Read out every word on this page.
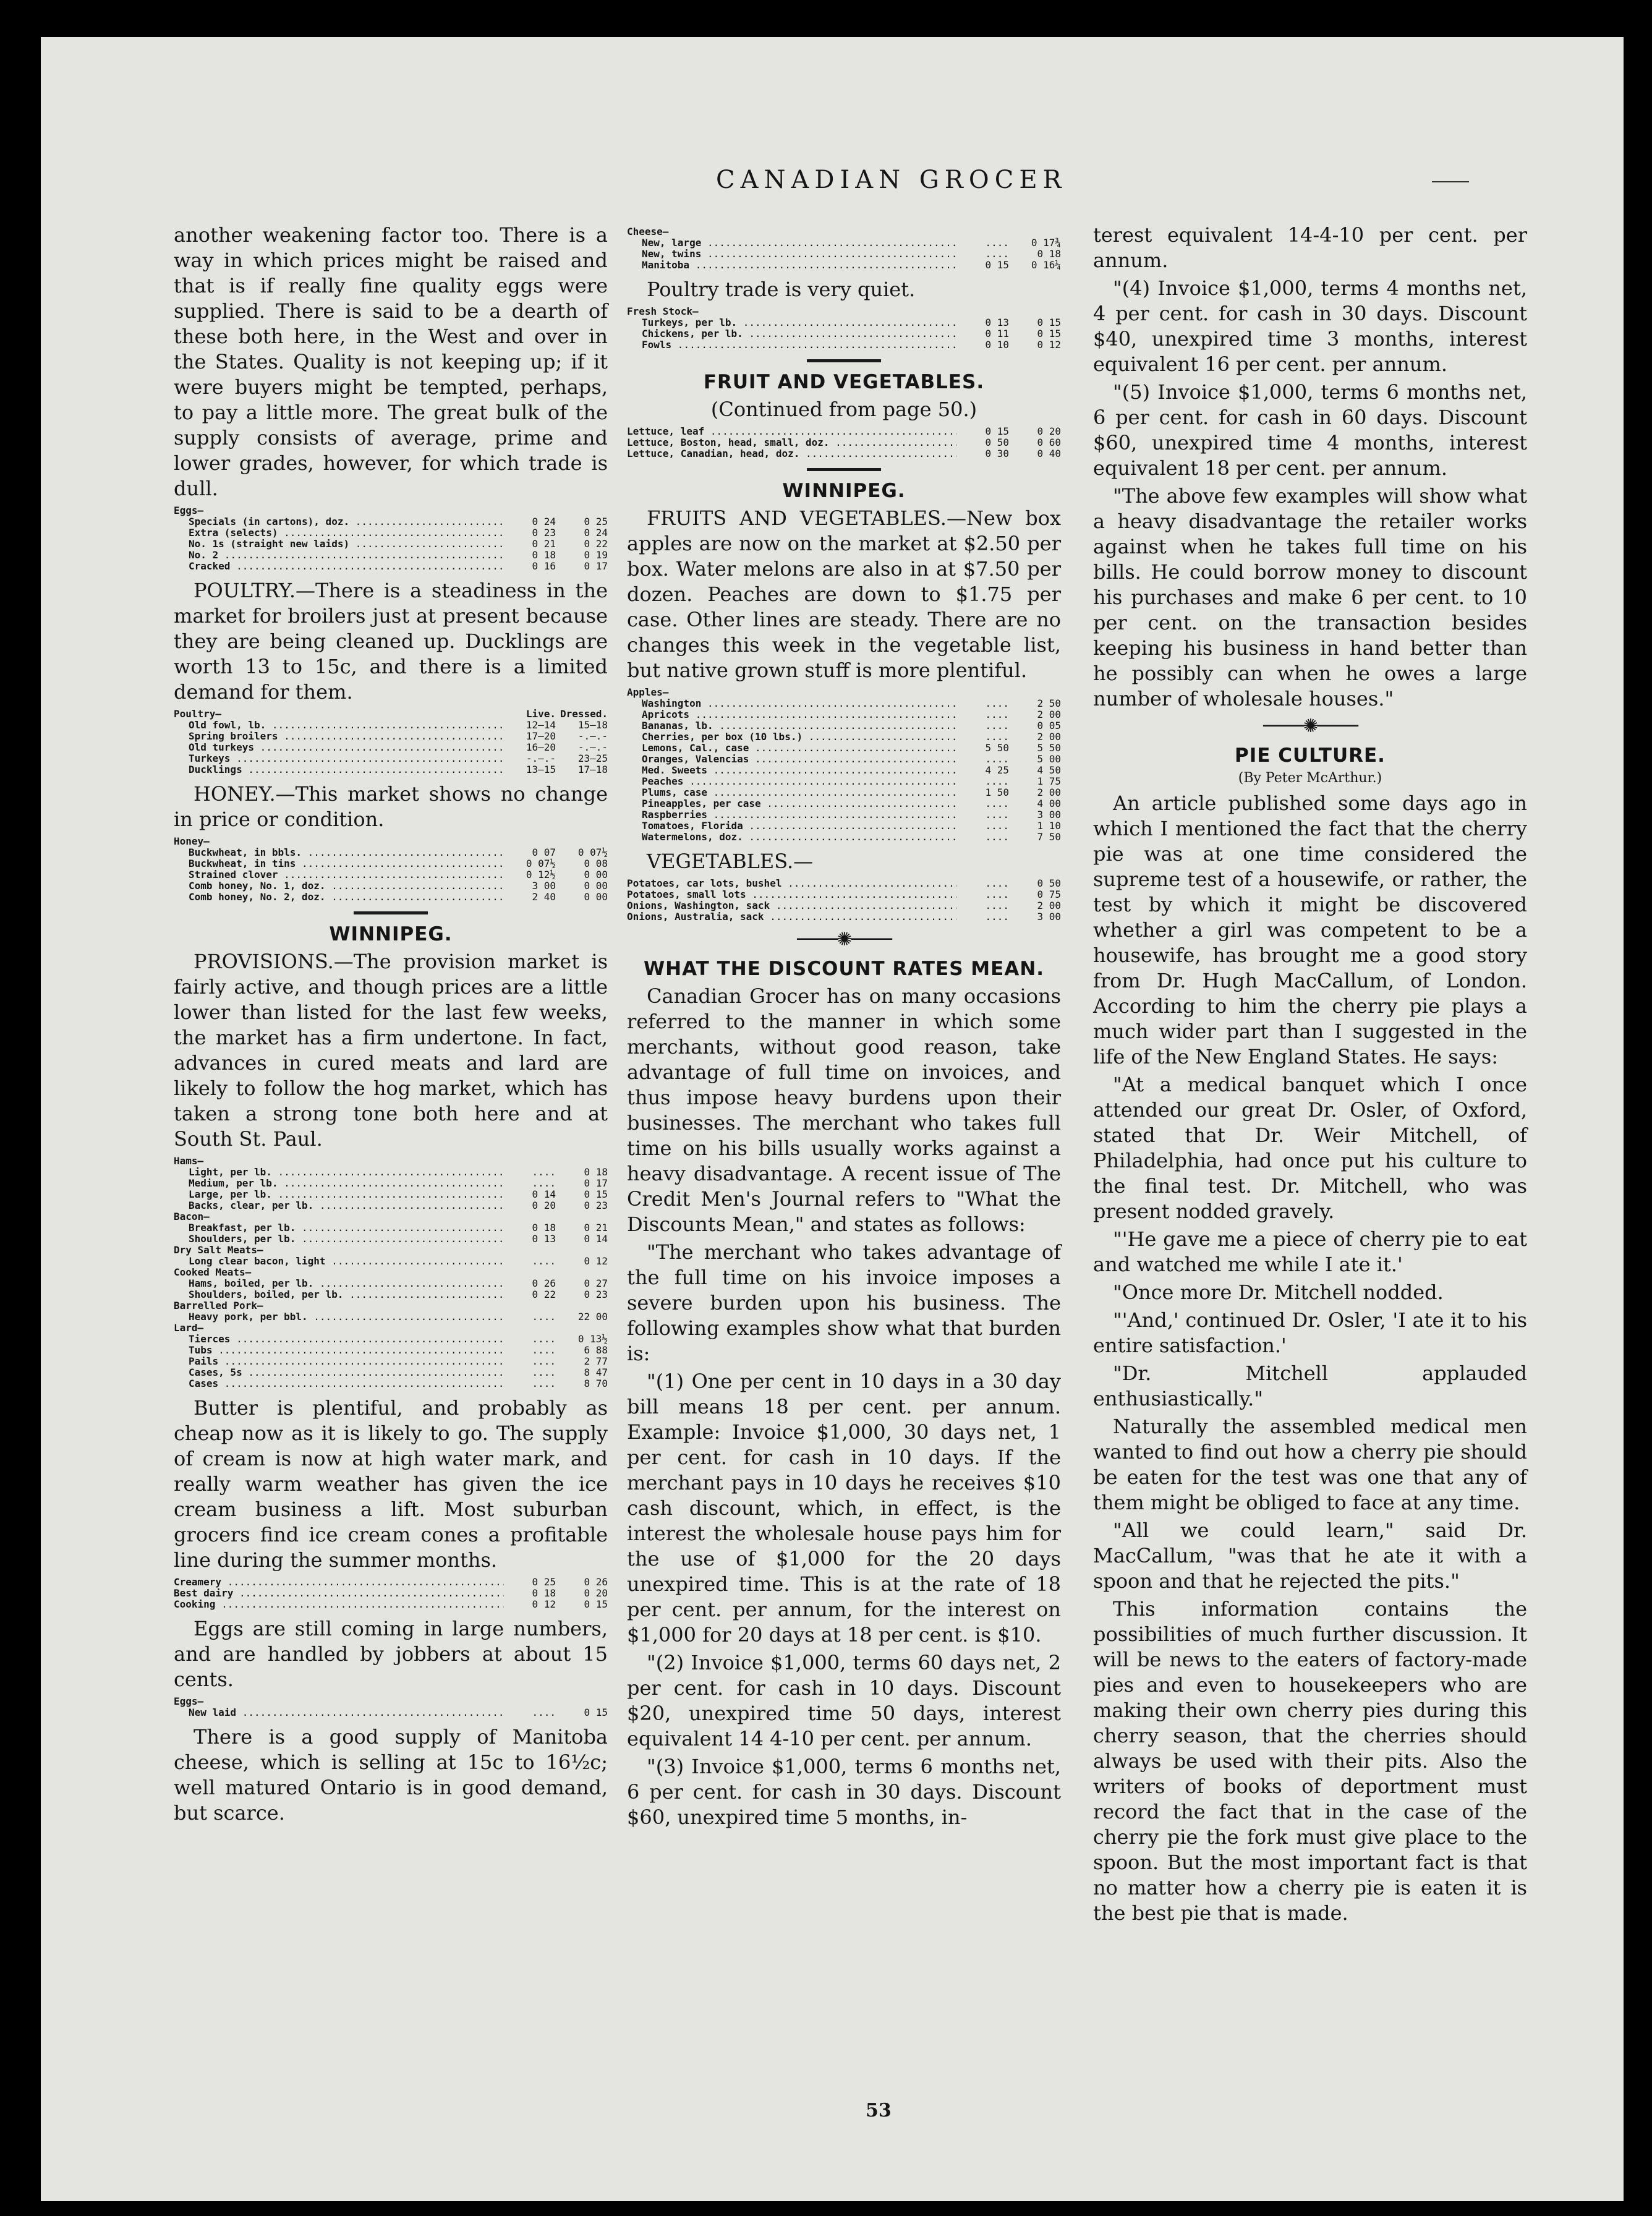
CANADIAN GROCER

another weakening factor too. There is a way in which prices might be raised and that is if really fine quality eggs were supplied. There is said to be a dearth of these both here, in the West and over in the States. Quality is not keeping up; if it were buyers might be tempted, perhaps, to pay a little more. The great bulk of the supply consists of average, prime and lower grades, however, for which trade is dull.

Eggs—
Specials (in cartons), doz. .....	0 24	0 25
Extra (selects) .....	0 23	0 24
No. 1s (straight new laids) .....	0 21	0 22
No. 2 .....	0 18	0 19
Cracked .....	0 16	0 17

POULTRY.—There is a steadiness in the market for broilers just at present because they are being cleaned up. Ducklings are worth 13 to 15c, and there is a limited demand for them.

Poultry—	Live. Dressed.
Old fowl, lb. .....	12—14	15—18
Spring broilers .....	17—20	-.—.-
Old turkeys .....	16—20	-.—.-
Turkeys .....	-.—.-	23—25
Ducklings .....	13—15	17—18

HONEY.—This market shows no change in price or condition.

Honey—
Buckwheat, in bbls. .....	0 07	0 07½
Buckwheat, in tins .....	0 07½	0 08
Strained clover .....	0 12½	0 00
Comb honey, No. 1, doz. .....	3 00	0 00
Comb honey, No. 2, doz. .....	2 40	0 00
WINNIPEG.

PROVISIONS.—The provision market is fairly active, and though prices are a little lower than listed for the last few weeks, the market has a firm undertone. In fact, advances in cured meats and lard are likely to follow the hog market, which has taken a strong tone both here and at South St. Paul.

Hams—
Light, per lb. .....	....	0 18
Medium, per lb. .....	....	0 17
Large, per lb. .....	0 14	0 15
Backs, clear, per lb. .....	0 20	0 23
Bacon—
Breakfast, per lb. .....	0 18	0 21
Shoulders, per lb. .....	0 13	0 14
Dry Salt Meats—
Long clear bacon, light .....	....	0 12
Cooked Meats—
Hams, boiled, per lb. .....	0 26	0 27
Shoulders, boiled, per lb. .....	0 22	0 23
Barrelled Pork—
Heavy pork, per bbl. .....	....	22 00
Lard—
Tierces .....	....	0 13½
Tubs .....	....	6 88
Pails .....	....	2 77
Cases, 5s .....	....	8 47
Cases .....	....	8 70

Butter is plentiful, and probably as cheap now as it is likely to go. The supply of cream is now at high water mark, and really warm weather has given the ice cream business a lift. Most suburban grocers find ice cream cones a profitable line during the summer months.

Creamery .....	0 25	0 26
Best dairy .....	0 18	0 20
Cooking .....	0 12	0 15

Eggs are still coming in large numbers, and are handled by jobbers at about 15 cents.

Eggs—
New laid .....	....	0 15

There is a good supply of Manitoba cheese, which is selling at 15c to 16½c; well matured Ontario is in good demand, but scarce.

Cheese—
New, large .....	....	0 17¾
New, twins .....	....	0 18
Manitoba .....	0 15	0 16¼

Poultry trade is very quiet.

Fresh Stock—
Turkeys, per lb. .....	0 13	0 15
Chickens, per lb. .....	0 11	0 15
Fowls .....	0 10	0 12
FRUIT AND VEGETABLES.

(Continued from page 50.)

Lettuce, leaf .....	0 15	0 20
Lettuce, Boston, head, small, doz. .....	0 50	0 60
Lettuce, Canadian, head, doz. .....	0 30	0 40
WINNIPEG.

FRUITS AND VEGETABLES.—New box apples are now on the market at $2.50 per box. Water melons are also in at $7.50 per dozen. Peaches are down to $1.75 per case. Other lines are steady. There are no changes this week in the vegetable list, but native grown stuff is more plentiful.

Apples—
Washington .....	....	2 50
Apricots .....	....	2 00
Bananas, lb. .....	....	0 05
Cherries, per box (10 lbs.) .....	....	2 00
Lemons, Cal., case .....	5 50	5 50
Oranges, Valencias .....	....	5 00
Med. Sweets .....	4 25	4 50
Peaches .....	....	1 75
Plums, case .....	1 50	2 00
Pineapples, per case .....	....	4 00
Raspberries .....	....	3 00
Tomatoes, Florida .....	....	1 10
Watermelons, doz. .....	....	7 50

VEGETABLES.—

Potatoes, car lots, bushel .....	....	0 50
Potatoes, small lots .....	....	0 75
Onions, Washington, sack .....	....	2 00
Onions, Australia, sack .....	....	3 00
────✺────
WHAT THE DISCOUNT RATES MEAN.

Canadian Grocer has on many occasions referred to the manner in which some merchants, without good reason, take advantage of full time on invoices, and thus impose heavy burdens upon their businesses. The merchant who takes full time on his bills usually works against a heavy disadvantage. A recent issue of The Credit Men's Journal refers to "What the Discounts Mean," and states as follows:

"The merchant who takes advantage of the full time on his invoice imposes a severe burden upon his business. The following examples show what that burden is:

"(1) One per cent in 10 days in a 30 day bill means 18 per cent. per annum. Example: Invoice $1,000, 30 days net, 1 per cent. for cash in 10 days. If the merchant pays in 10 days he receives $10 cash discount, which, in effect, is the interest the wholesale house pays him for the use of $1,000 for the 20 days unexpired time. This is at the rate of 18 per cent. per annum, for the interest on $1,000 for 20 days at 18 per cent. is $10.

"(2) Invoice $1,000, terms 60 days net, 2 per cent. for cash in 10 days. Discount $20, unexpired time 50 days, interest equivalent 14 4-10 per cent. per annum.

"(3) Invoice $1,000, terms 6 months net, 6 per cent. for cash in 30 days. Discount $60, unexpired time 5 months, in-

terest equivalent 14-4-10 per cent. per annum.

"(4) Invoice $1,000, terms 4 months net, 4 per cent. for cash in 30 days. Discount $40, unexpired time 3 months, interest equivalent 16 per cent. per annum.

"(5) Invoice $1,000, terms 6 months net, 6 per cent. for cash in 60 days. Discount $60, unexpired time 4 months, interest equivalent 18 per cent. per annum.

"The above few examples will show what a heavy disadvantage the retailer works against when he takes full time on his bills. He could borrow money to discount his purchases and make 6 per cent. to 10 per cent. on the transaction besides keeping his business in hand better than he possibly can when he owes a large number of wholesale houses."

────✺────
PIE CULTURE.
(By Peter McArthur.)

An article published some days ago in which I mentioned the fact that the cherry pie was at one time considered the supreme test of a housewife, or rather, the test by which it might be discovered whether a girl was competent to be a housewife, has brought me a good story from Dr. Hugh MacCallum, of London. According to him the cherry pie plays a much wider part than I suggested in the life of the New England States. He says:

"At a medical banquet which I once attended our great Dr. Osler, of Oxford, stated that Dr. Weir Mitchell, of Philadelphia, had once put his culture to the final test. Dr. Mitchell, who was present nodded gravely.

"'He gave me a piece of cherry pie to eat and watched me while I ate it.'

"Once more Dr. Mitchell nodded.

"'And,' continued Dr. Osler, 'I ate it to his entire satisfaction.'

"Dr. Mitchell applauded enthusiastically."

Naturally the assembled medical men wanted to find out how a cherry pie should be eaten for the test was one that any of them might be obliged to face at any time.

"All we could learn," said Dr. MacCallum, "was that he ate it with a spoon and that he rejected the pits."

This information contains the possibilities of much further discussion. It will be news to the eaters of factory-made pies and even to housekeepers who are making their own cherry pies during this cherry season, that the cherries should always be used with their pits. Also the writers of books of deportment must record the fact that in the case of the cherry pie the fork must give place to the spoon. But the most important fact is that no matter how a cherry pie is eaten it is the best pie that is made.

53
